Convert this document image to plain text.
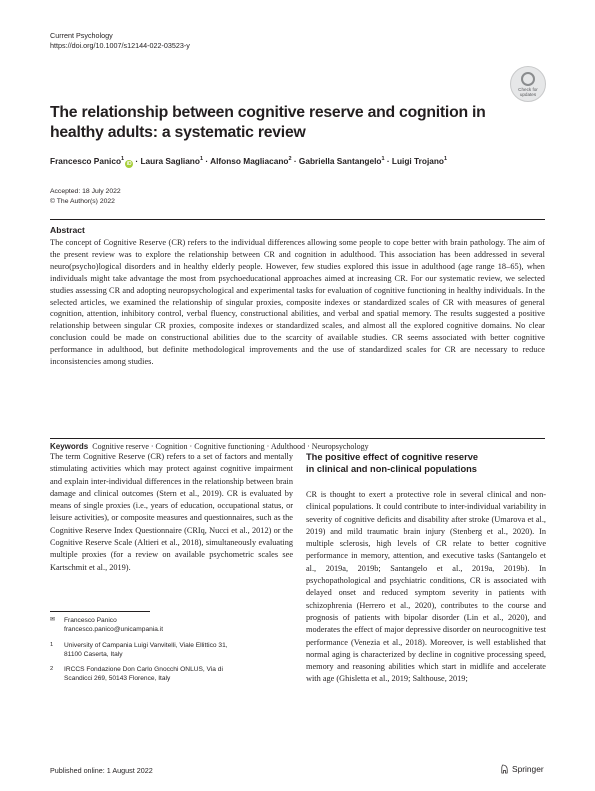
Current Psychology
https://doi.org/10.1007/s12144-022-03523-y
Check for
updates
The relationship between cognitive reserve and cognition in healthy adults: a systematic review
Francesco Panico$^1$iD · Laura Sagliano$^1$ · Alfonso Magliacano$^2$ · Gabriella Santangelo$^1$ · Luigi Trojano$^1$
Accepted: 18 July 2022
© The Author(s) 2022
Abstract
The concept of Cognitive Reserve (CR) refers to the individual differences allowing some people to cope better with brain pathology. The aim of the present review was to explore the relationship between CR and cognition in adulthood. This association has been addressed in several neuro(psycho)logical disorders and in healthy elderly people. However, few studies explored this issue in adulthood (age range 18–65), when individuals might take advantage the most from psychoeducational approaches aimed at increasing CR. For our systematic review, we selected studies assessing CR and adopting neuropsychological and experimental tasks for evaluation of cognitive functioning in healthy individuals. In the selected articles, we examined the relationship of singular proxies, composite indexes or standardized scales of CR with measures of general cognition, attention, inhibitory control, verbal fluency, constructional abilities, and verbal and spatial memory. The results suggested a positive relationship between singular CR proxies, composite indexes or standardized scales, and almost all the explored cognitive domains. No clear conclusion could be made on constructional abilities due to the scarcity of available studies. CR seems associated with better cognitive performance in adulthood, but definite methodological improvements and the use of standardized scales for CR are necessary to reduce inconsistencies among studies.
Keywords Cognitive reserve · Cognition · Cognitive functioning · Adulthood · Neuropsychology
The term Cognitive Reserve (CR) refers to a set of factors and mentally stimulating activities which may protect against cognitive impairment and explain inter-individual differences in the relationship between brain damage and clinical outcomes (Stern et al., 2019). CR is evaluated by means of single proxies (i.e., years of education, occupational status, or leisure activities), or composite measures and questionnaires, such as the Cognitive Reserve Index Questionnaire (CRIq, Nucci et al., 2012) or the Cognitive Reserve Scale (Altieri et al., 2018), simultaneously evaluating multiple proxies (for a review on available psychometric scales see Kartschmit et al., 2019).
The positive effect of cognitive reserve
in clinical and non-clinical populations
CR is thought to exert a protective role in several clinical and non-clinical populations. It could contribute to inter-individual variability in severity of cognitive deficits and disability after stroke (Umarova et al., 2019) and mild traumatic brain injury (Stenberg et al., 2020). In multiple sclerosis, high levels of CR relate to better cognitive performance in memory, attention, and executive tasks (Santangelo et al., 2019a, 2019b; Santangelo et al., 2019a, 2019b). In psychopathological and psychiatric conditions, CR is associated with delayed onset and reduced symptom severity in patients with schizophrenia (Herrero et al., 2020), contributes to the course and prognosis of patients with bipolar disorder (Lin et al., 2020), and moderates the effect of major depressive disorder on neurocognitive test performance (Venezia et al., 2018). Moreover, is well established that normal aging is characterized by decline in cognitive processing speed, memory and reasoning abilities which start in midlife and accelerate with age (Ghisletta et al., 2019; Salthouse, 2019;
✉	Francesco Panico
francesco.panico@unicampania.it
1	University of Campania Luigi Vanvitelli, Viale Ellittico 31,
81100 Caserta, Italy
2	IRCCS Fondazione Don Carlo Gnocchi ONLUS, Via di
Scandicci 269, 50143 Florence, Italy
Published online: 1 August 2022	Springer
